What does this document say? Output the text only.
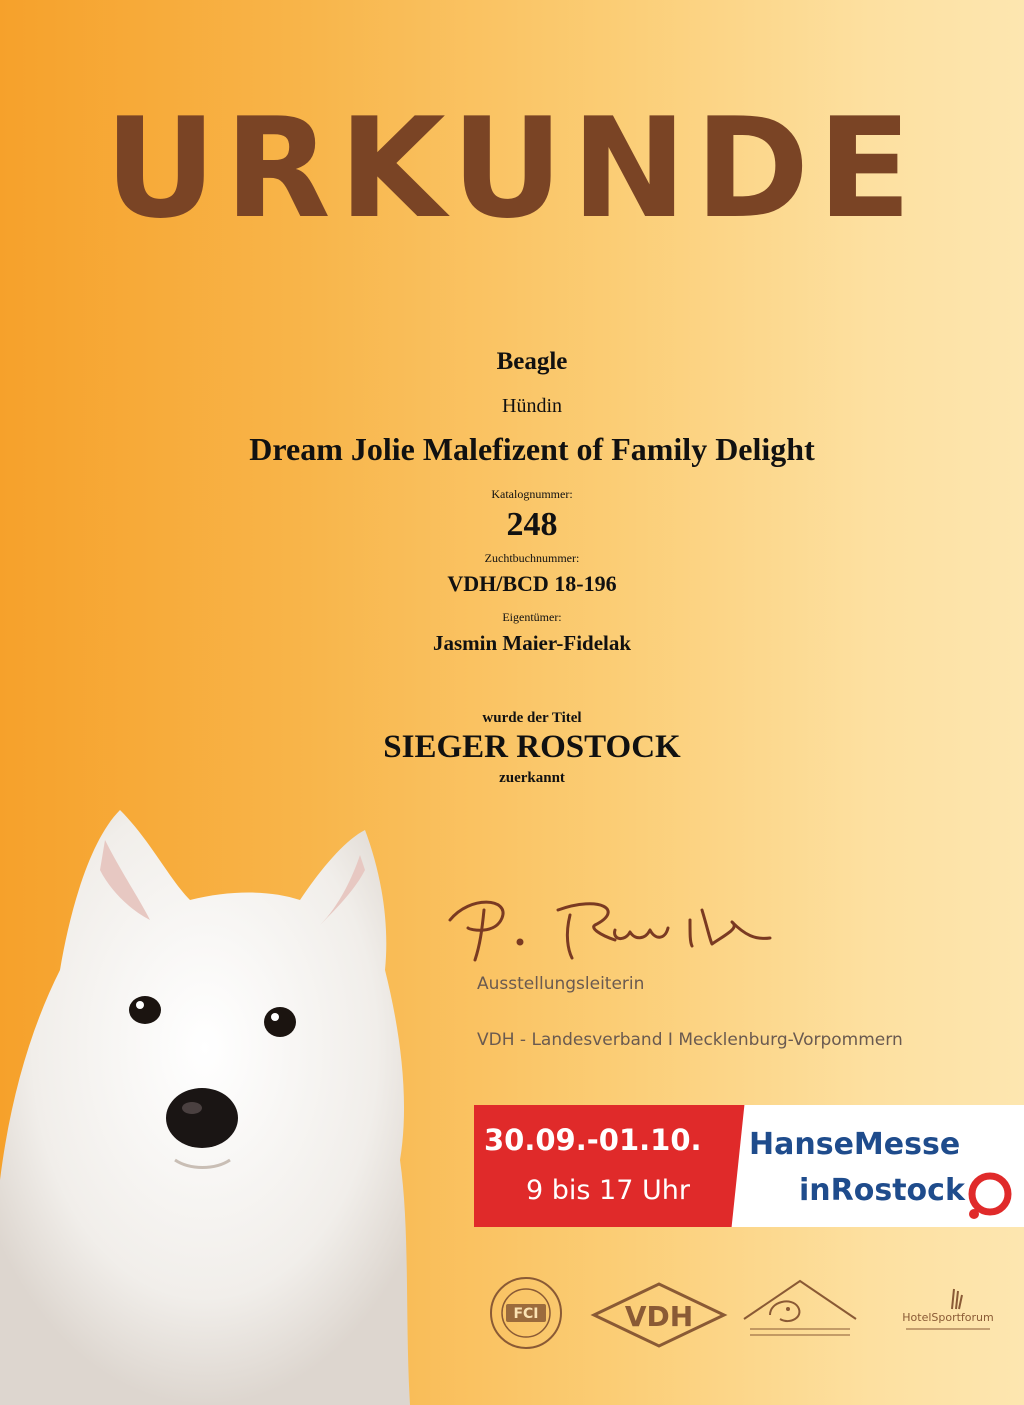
URKUNDE
Beagle
Hündin
Dream Jolie Malefizent of Family Delight
Katalognummer:
248
Zuchtbuchnummer:
VDH/BCD 18-196
Eigentümer:
Jasmin Maier-Fidelak
wurde der Titel
SIEGER ROSTOCK
zuerkannt
Ausstellungsleiterin
VDH - Landesverband I Mecklenburg-Vorpommern
30.09.-01.10.
9 bis 17 Uhr
HanseMesse
inRostock
FCI	VDH	HotelSportforum
